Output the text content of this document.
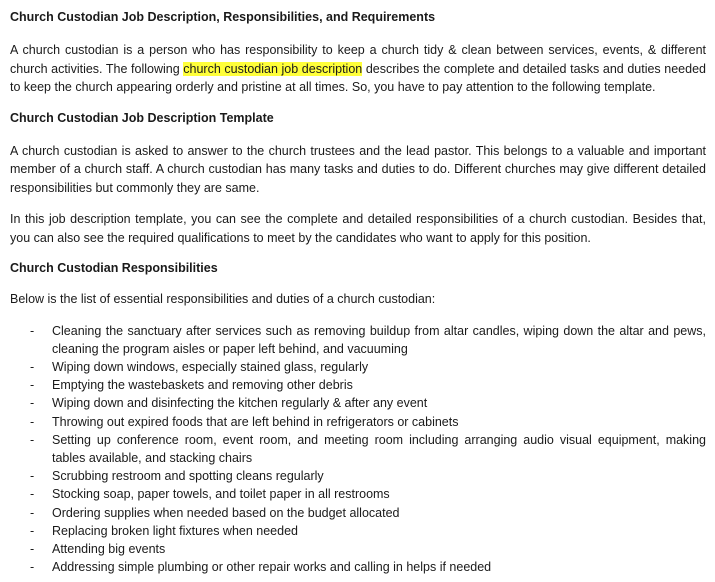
Church Custodian Job Description, Responsibilities, and Requirements

A church custodian is a person who has responsibility to keep a church tidy & clean between services, events, & different church activities. The following church custodian job description describes the complete and detailed tasks and duties needed to keep the church appearing orderly and pristine at all times. So, you have to pay attention to the following template.

Church Custodian Job Description Template

A church custodian is asked to answer to the church trustees and the lead pastor. This belongs to a valuable and important member of a church staff. A church custodian has many tasks and duties to do. Different churches may give different detailed responsibilities but commonly they are same.

In this job description template, you can see the complete and detailed responsibilities of a church custodian. Besides that, you can also see the required qualifications to meet by the candidates who want to apply for this position.

Church Custodian Responsibilities

Below is the list of essential responsibilities and duties of a church custodian:

- Cleaning the sanctuary after services such as removing buildup from altar candles, wiping down the altar and pews, cleaning the program aisles or paper left behind, and vacuuming
- Wiping down windows, especially stained glass, regularly
- Emptying the wastebaskets and removing other debris
- Wiping down and disinfecting the kitchen regularly & after any event
- Throwing out expired foods that are left behind in refrigerators or cabinets
- Setting up conference room, event room, and meeting room including arranging audio visual equipment, making tables available, and stacking chairs
- Scrubbing restroom and spotting cleans regularly
- Stocking soap, paper towels, and toilet paper in all restrooms
- Ordering supplies when needed based on the budget allocated
- Replacing broken light fixtures when needed
- Attending big events
- Addressing simple plumbing or other repair works and calling in helps if needed
